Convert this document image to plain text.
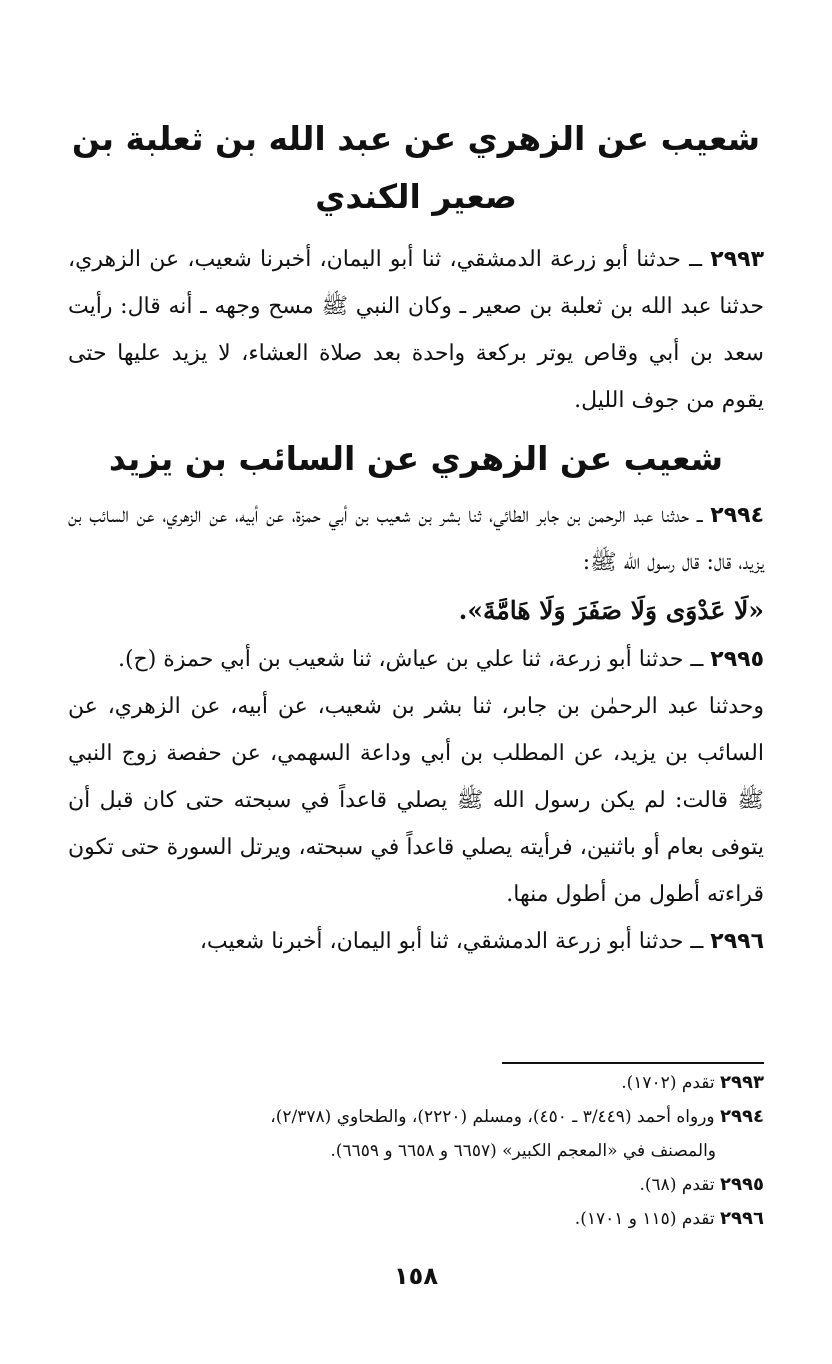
شعيب عن الزهري عن عبد الله بن ثعلبة بن صعير الكندي

٢٩٩٣ ــ حدثنا أبو زرعة الدمشقي، ثنا أبو اليمان، أخبرنا شعيب، عن الزهري، حدثنا عبد الله بن ثعلبة بن صعير ـ وكان النبي ﷺ مسح وجهه ـ أنه قال: رأيت سعد بن أبي وقاص يوتر بركعة واحدة بعد صلاة العشاء، لا يزيد عليها حتى يقوم من جوف الليل.

شعيب عن الزهري عن السائب بن يزيد

٢٩٩٤ ــ حدثنا عبد الرحمن بن جابر الطائي، ثنا بشر بن شعيب بن أبي حمزة، عن أبيه، عن الزهري، عن السائب بن يزيد، قال: قال رسول الله ﷺ:

«لَا عَدْوَى وَلَا صَفَرَ وَلَا هَامَّةَ».

٢٩٩٥ ــ حدثنا أبو زرعة، ثنا علي بن عياش، ثنا شعيب بن أبي حمزة (ح).

وحدثنا عبد الرحمٰن بن جابر، ثنا بشر بن شعيب، عن أبيه، عن الزهري، عن السائب بن يزيد، عن المطلب بن أبي وداعة السهمي، عن حفصة زوج النبي ﷺ قالت: لم يكن رسول الله ﷺ يصلي قاعداً في سبحته حتى كان قبل أن يتوفى بعام أو باثنين، فرأيته يصلي قاعداً في سبحته، ويرتل السورة حتى تكون قراءته أطول من أطول منها.

٢٩٩٦ ــ حدثنا أبو زرعة الدمشقي، ثنا أبو اليمان، أخبرنا شعيب،

٢٩٩٣ تقدم (١٧٠٢).

٢٩٩٤ ورواه أحمد (٣/٤٤٩ ـ ٤٥٠)، ومسلم (٢٢٢٠)، والطحاوي (٢/٣٧٨)،

والمصنف في «المعجم الكبير» (٦٦٥٧ و ٦٦٥٨ و ٦٦٥٩).

٢٩٩٥ تقدم (٦٨).

٢٩٩٦ تقدم (١١٥ و ١٧٠١).

١٥٨
